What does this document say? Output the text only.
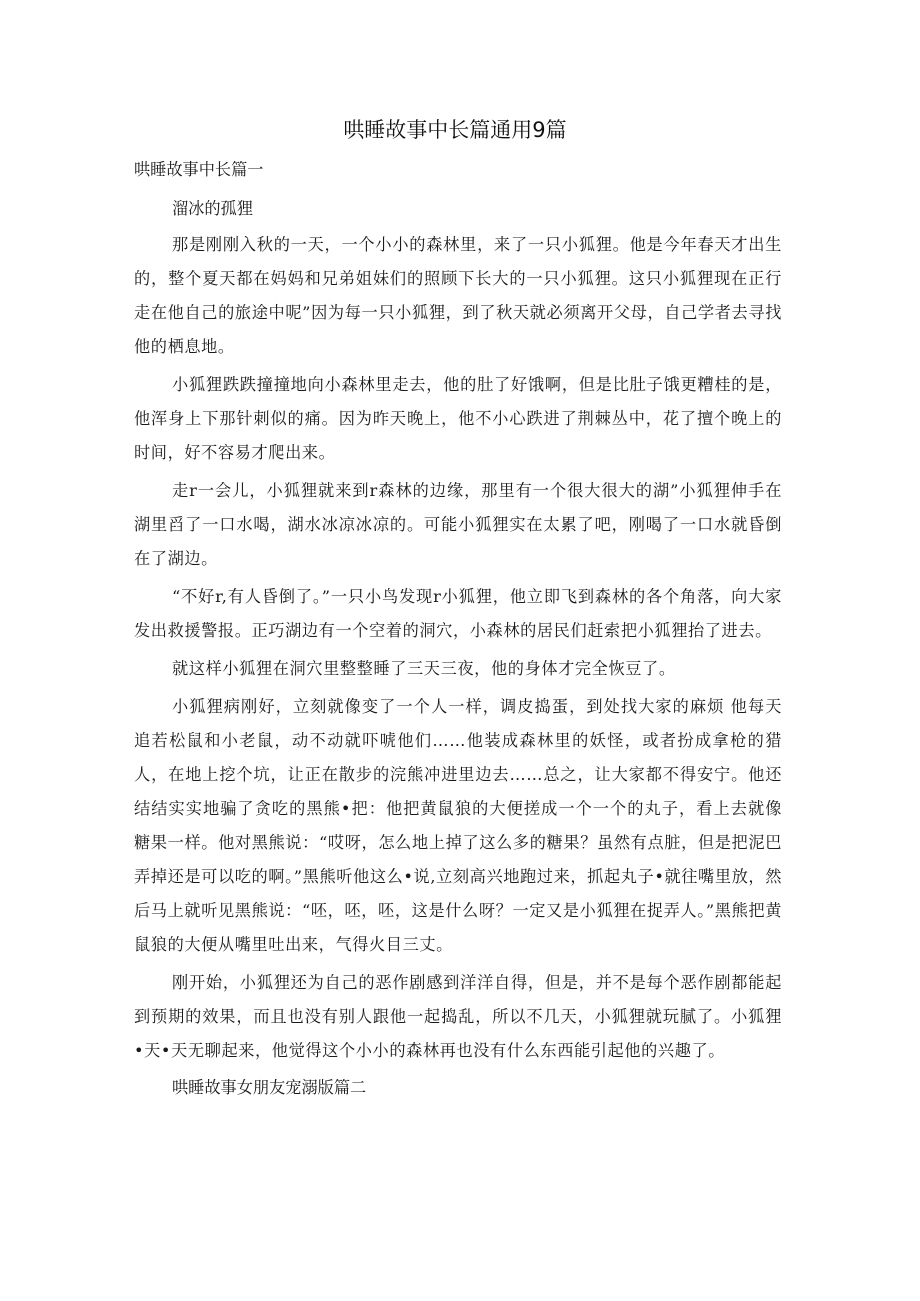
哄睡故事中长篇通用9篇
哄睡故事中长篇一
溜冰的孤狸

那是刚刚入秋的一天，一个小小的森林里，来了一只小狐狸。他是今年春天才出生的，整个夏天都在妈妈和兄弟姐妹们的照顾下长大的一只小狐狸。这只小狐狸现在正行走在他自己的旅途中呢”因为每一只小狐狸，到了秋天就必须离开父母，自己学者去寻找他的栖息地。

小狐狸跌跌撞撞地向小森林里走去，他的肚了好饿啊，但是比肚子饿更糟桂的是，他浑身上下那针刺似的痛。因为昨天晚上，他不小心跌进了荆棘丛中，花了擅个晚上的时间，好不容易才爬出来。

走r一会儿，小狐狸就来到r森林的边缘，那里有一个很大很大的湖”小狐狸伸手在湖里舀了一口水喝，湖水冰凉冰凉的。可能小狐狸实在太累了吧，刚喝了一口水就昏倒在了湖边。

“不好r,有人昏倒了。”一只小鸟发现r小狐狸，他立即飞到森林的各个角落，向大家发出救援警报。正巧湖边有一个空着的洞穴，小森林的居民们赶索把小狐狸抬了进去。

就这样小狐狸在洞穴里整整睡了三天三夜，他的身体才完全恢豆了。

小狐狸病刚好，立刻就像变了一个人一样，调皮捣蛋，到处找大家的麻烦 他每天追若松鼠和小老鼠，动不动就吓唬他们……他装成森林里的妖怪，或者扮成拿枪的猎人，在地上挖个坑，让正在散步的浣熊冲进里边去……总之，让大家都不得安宁。他还结结实实地骗了贪吃的黑熊•把：他把黄鼠狼的大便搓成一个一个的丸子，看上去就像糖果一样。他对黑熊说：“哎呀，怎么地上掉了这么多的糖果？虽然有点脏，但是把泥巴弄掉还是可以吃的啊。”黑熊听他这么•说,立刻高兴地跑过来，抓起丸子•就往嘴里放，然后马上就听见黑熊说：“呸，呸，呸，这是什么呀？一定又是小狐狸在捉弄人。”黑熊把黄鼠狼的大便从嘴里吐出来，气得火目三丈。

刚开始，小狐狸还为自己的恶作剧感到洋洋自得，但是，并不是每个恶作剧都能起到预期的效果，而且也没有别人跟他一起捣乱，所以不几天，小狐狸就玩腻了。小狐狸•天•天无聊起来，他觉得这个小小的森林再也没有什么东西能引起他的兴趣了。

哄睡故事女朋友宠溺版篇二
